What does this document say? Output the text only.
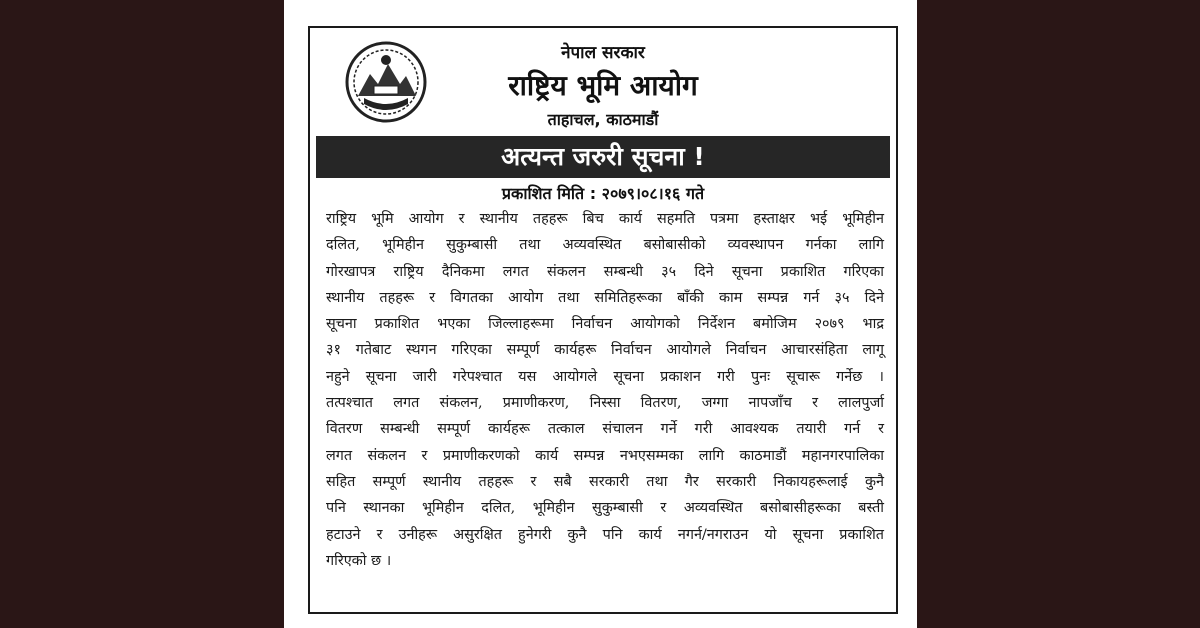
नेपाल सरकार
राष्ट्रिय भूमि आयोग
ताहाचल, काठमाडौं
अत्यन्त जरुरी सूचना !
प्रकाशित मिति : २०७९।०८।१६ गते
राष्ट्रिय भूमि आयोग र स्थानीय तहहरू बिच कार्य सहमति पत्रमा हस्ताक्षर भई भूमिहीन
दलित, भूमिहीन सुकुम्बासी तथा अव्यवस्थित बसोबासीको व्यवस्थापन गर्नका लागि
गोरखापत्र राष्ट्रिय दैनिकमा लगत संकलन सम्बन्धी ३५ दिने सूचना प्रकाशित गरिएका
स्थानीय तहहरू र विगतका आयोग तथा समितिहरूका बाँकी काम सम्पन्न गर्न ३५ दिने
सूचना प्रकाशित भएका जिल्लाहरूमा निर्वाचन आयोगको निर्देशन बमोजिम २०७९ भाद्र
३१ गतेबाट स्थगन गरिएका सम्पूर्ण कार्यहरू निर्वाचन आयोगले निर्वाचन आचारसंहिता लागू
नहुने सूचना जारी गरेपश्चात यस आयोगले सूचना प्रकाशन गरी पुनः सूचारू गर्नेछ ।
तत्पश्चात लगत संकलन, प्रमाणीकरण, निस्सा वितरण, जग्गा नापजाँच र लालपुर्जा
वितरण सम्बन्धी सम्पूर्ण कार्यहरू तत्काल संचालन गर्ने गरी आवश्यक तयारी गर्न र
लगत संकलन र प्रमाणीकरणको कार्य सम्पन्न नभएसम्मका लागि काठमाडौं महानगरपालिका
सहित सम्पूर्ण स्थानीय तहहरू र सबै सरकारी तथा गैर सरकारी निकायहरूलाई कुनै
पनि स्थानका भूमिहीन दलित, भूमिहीन सुकुम्बासी र अव्यवस्थित बसोबासीहरूका बस्ती
हटाउने र उनीहरू असुरक्षित हुनेगरी कुनै पनि कार्य नगर्न/नगराउन यो सूचना प्रकाशित
गरिएको छ ।
